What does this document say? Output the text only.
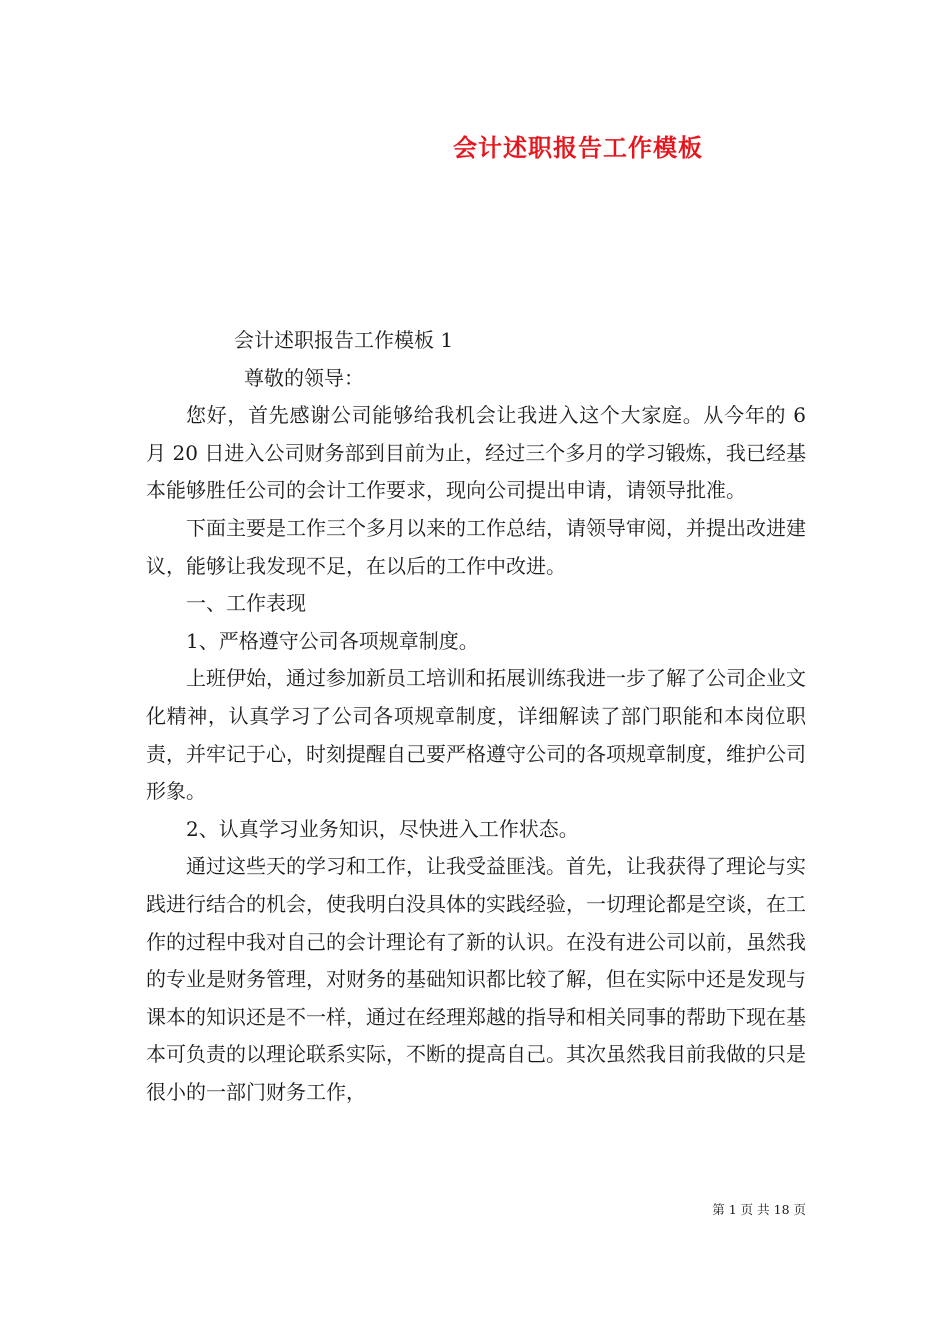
会计述职报告工作模板

会计述职报告工作模板 1

尊敬的领导：

您好，首先感谢公司能够给我机会让我进入这个大家庭。从今年的 6 月 20 日进入公司财务部到目前为止，经过三个多月的学习锻炼，我已经基本能够胜任公司的会计工作要求，现向公司提出申请，请领导批准。

下面主要是工作三个多月以来的工作总结，请领导审阅，并提出改进建议，能够让我发现不足，在以后的工作中改进。

一、工作表现

1、严格遵守公司各项规章制度。

上班伊始，通过参加新员工培训和拓展训练我进一步了解了公司企业文化精神，认真学习了公司各项规章制度，详细解读了部门职能和本岗位职责，并牢记于心，时刻提醒自己要严格遵守公司的各项规章制度，维护公司形象。

2、认真学习业务知识，尽快进入工作状态。

通过这些天的学习和工作，让我受益匪浅。首先，让我获得了理论与实践进行结合的机会，使我明白没具体的实践经验，一切理论都是空谈，在工作的过程中我对自己的会计理论有了新的认识。在没有进公司以前，虽然我的专业是财务管理，对财务的基础知识都比较了解，但在实际中还是发现与课本的知识还是不一样，通过在经理郑越的指导和相关同事的帮助下现在基本可负责的以理论联系实际，不断的提高自己。其次虽然我目前我做的只是很小的一部门财务工作，

第 1 页 共 18 页
